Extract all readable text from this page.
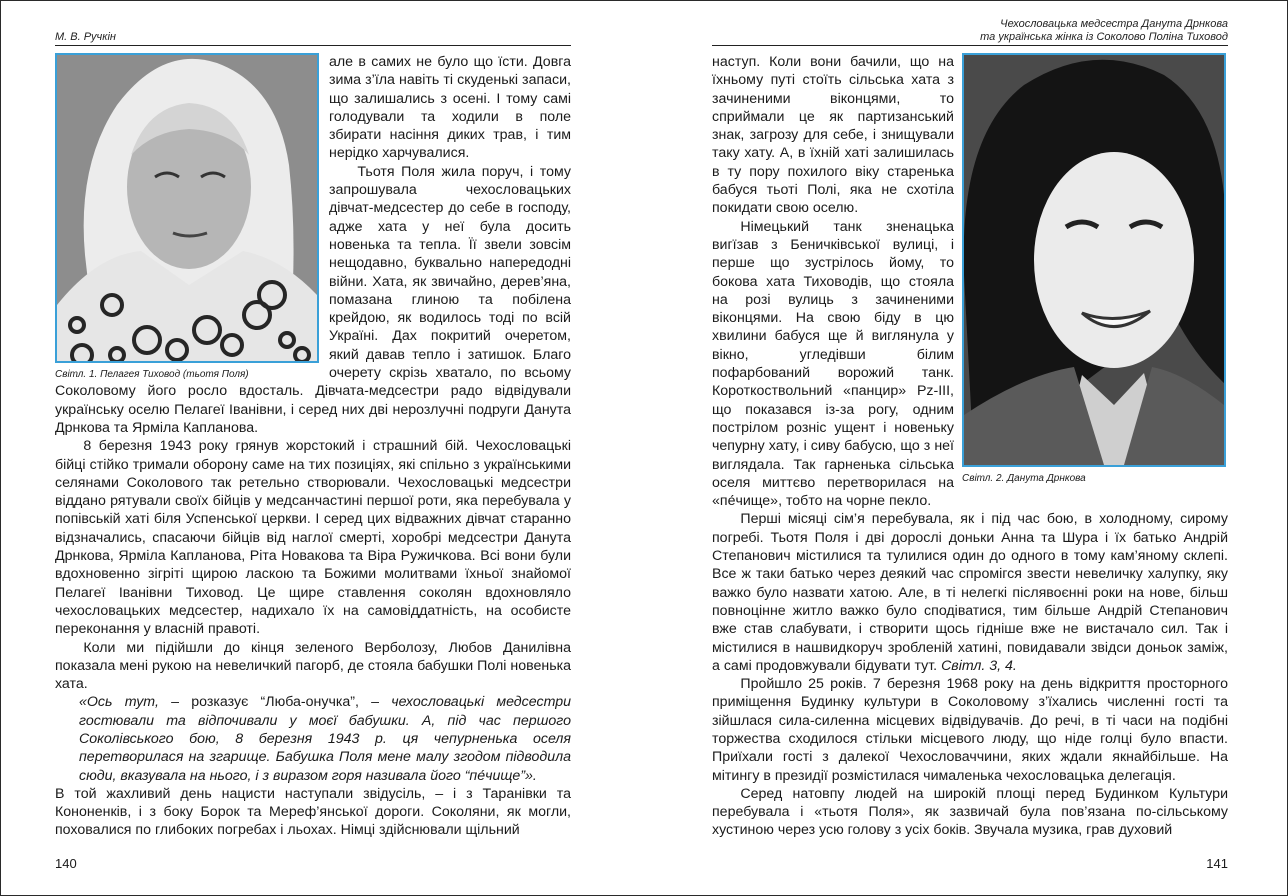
М. В. Ручкін
Світл. 1. Пелагея Тиховод (тьотя Поля)

але в самих не було що їсти. Довга зима з’їла навіть ті скуденькі запаси, що залишались з осені. І тому самі голодували та ходили в поле збирати насіння диких трав, і тим нерідко харчувалися.

Тьотя Поля жила поруч, і тому запрошувала чехословацьких дівчат-медсестер до себе в господу, адже хата у неї була досить новенька та тепла. Її звели зовсім нещодавно, буквально напередодні війни. Хата, як звичайно, дерев’яна, помазана глиною та побілена крейдою, як водилось тоді по всій Україні. Дах покритий очеретом, який давав тепло і затишок. Благо очерету скрізь хватало, по всьому Соколовому його росло вдосталь. Дівчата-медсестри радо відвідували українську оселю Пелагеї Іванівни, і серед них дві нерозлучні подруги Данута Дрнкова та Ярміла Капланова.

8 березня 1943 року грянув жорстокий і страшний бій. Чехословацькі бійці стійко тримали оборону саме на тих позиціях, які спільно з українськими селянами Соколового так ретельно створювали. Чехословацькі медсестри віддано рятували своїх бійців у медсанчастині першої роти, яка перебувала у попівській хаті біля Успенської церкви. І серед цих відважних дівчат старанно відзначались, спасаючи бійців від наглої смерті, хоробрі медсестри Данута Дрнкова, Ярміла Капланова, Ріта Новакова та Віра Ружичкова. Всі вони були вдохновенно зігріті щирою ласкою та Божими молитвами їхньої знайомої Пелагеї Іванівни Тиховод. Це щире ставлення соколян вдохновляло чехословацьких медсестер, надихало їх на самовіддатність, на особисте переконання у власній правоті.

Коли ми підійшли до кінця зеленого Верболозу, Любов Данилівна показала мені рукою на невеличкий пагорб, де стояла бабушки Полі новенька хата.

«Ось тут, – розказує “Люба-онучка”, – чехословацькі медсестри гостювали та відпочивали у моєї бабушки. А, під час першого Соколівського бою, 8 березня 1943 р. ця чепурненька оселя перетворилася на згарище. Бабушка Поля мене малу згодом підводила сюди, вказувала на нього, і з виразом горя називала його “пе́чище”».

В той жахливий день нацисти наступали звідусіль, – і з Таранівки та Кононенків, і з боку Борок та Мереф’янської дороги. Соколяни, як могли, поховалися по глибоких погребах і льохах. Німці здійснювали щільний

140
Чехословацька медсестра Данута Дрнкова
та українська жінка із Соколово Поліна Тиховод
Світл. 2. Данута Дрнкова

наступ. Коли вони бачили, що на їхньому путі стоїть сільська хата з зачиненими віконцями, то сприймали це як партизанський знак, загрозу для себе, і знищували таку хату. А, в їхній хаті залишилась в ту пору похилого віку старенька бабуся тьоті Полі, яка не схотіла покидати свою оселю.

Німецький танк зненацька вигїзав з Беничківської вулиці, і перше що зустрілось йому, то бокова хата Тиховодів, що стояла на розі вулиць з зачиненими віконцями. На свою біду в цю хвилини бабуся ще й виглянула у вікно, угледівши білим пофарбований ворожий танк. Короткоствольний «панцир» Pz-III, що показався із-за рогу, одним пострілом розніс ущент і новеньку чепурну хату, і сиву бабусю, що з неї виглядала. Так гарненька сільська оселя миттєво перетворилася на «пе́чище», тобто на чорне пекло.

Перші місяці сім’я перебувала, як і під час бою, в холодному, сирому погребі. Тьотя Поля і дві дорослі доньки Анна та Шура і їх батько Андрій Степанович містилися та тулилися один до одного в тому кам’яному склепі. Все ж таки батько через деякий час спромігся звести невеличку халупку, яку важко було назвати хатою. Але, в ті нелегкі післявоєнні роки на нове, більш повноцінне житло важко було сподіватися, тим більше Андрій Степанович вже став слабувати, і створити щось гідніше вже не вистачало сил. Так і містилися в нашвидкоруч зробленій хатині, повидавали звідси доньок заміж, а самі продовжували бідувати тут. Світл. 3, 4.

Пройшло 25 років. 7 березня 1968 року на день відкриття просторного приміщення Будинку культури в Соколовому з’їхались численні гості та зійшлася сила-силенна місцевих відвідувачів. До речі, в ті часи на подібні торжества сходилося стільки місцевого люду, що ніде голці було впасти. Приїхали гості з далекої Чехословаччини, яких ждали якнайбільше. На мітингу в президії розмістилася чималенька чехословацька делегація.

Серед натовпу людей на широкій площі перед Будинком Культури перебувала і «тьотя Поля», як зазвичай була пов’язана по-сільському хустиною через усю голову з усіх боків. Звучала музика, грав духовий

141
